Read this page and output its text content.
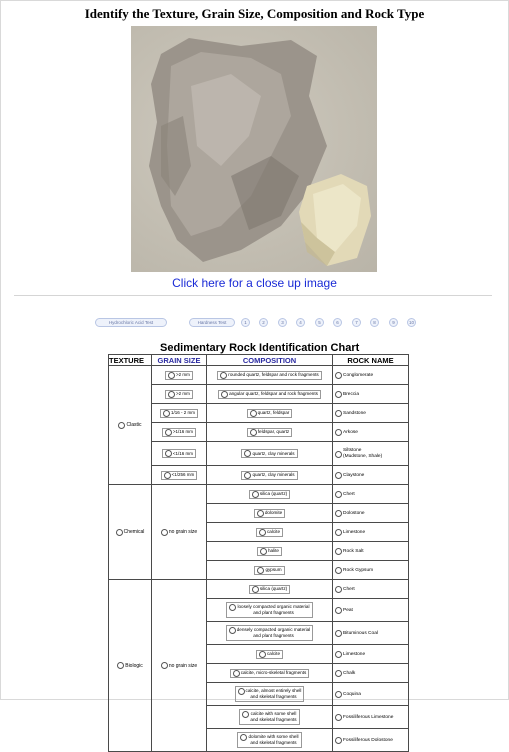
Identify the Texture, Grain Size, Composition and Rock Type
Click here for a close up image
Hydrochloric Acid Test	Hardness Test	1	2	3	4	5	6	7	8	9	10
Sedimentary Rock Identification Chart
TEXTURE	GRAIN SIZE	COMPOSITION	ROCK NAME

Clastic	>2 mm	rounded quartz, feldspar and rock fragments	Conglomerate

	>2 mm	angular quartz, feldspar and rock fragments	Breccia

	1/16 - 2 mm	quartz, feldspar	Sandstone

	>1/16 mm	feldspar, quartz	Arkose

	<1/16 mm	quartz, clay minerals	Siltstone
(Mudstone, Shale)

	<1/256 mm	quartz, clay minerals	Claystone

Chemical	no grain size	silica (quartz)	Chert

		dolomite	Dolostone

		calcite	Limestone

		halite	Rock Salt

		gypsum	Rock Gypsum

Biologic	no grain size	silica (quartz)	Chert

		loosely compacted organic material
and plant fragments	Peat

		densely compacted organic material
and plant fragments	Bituminous Coal

		calcite	Limestone

		calcite, micro-skeletal fragments	Chalk

		calcite, almost entirely shell
and skeletal fragments	Coquina

		calcite with some shell
and skeletal fragments	Fossiliferous Limestone

		dolomite with some shell
and skeletal fragments	Fossiliferous Dolostone
